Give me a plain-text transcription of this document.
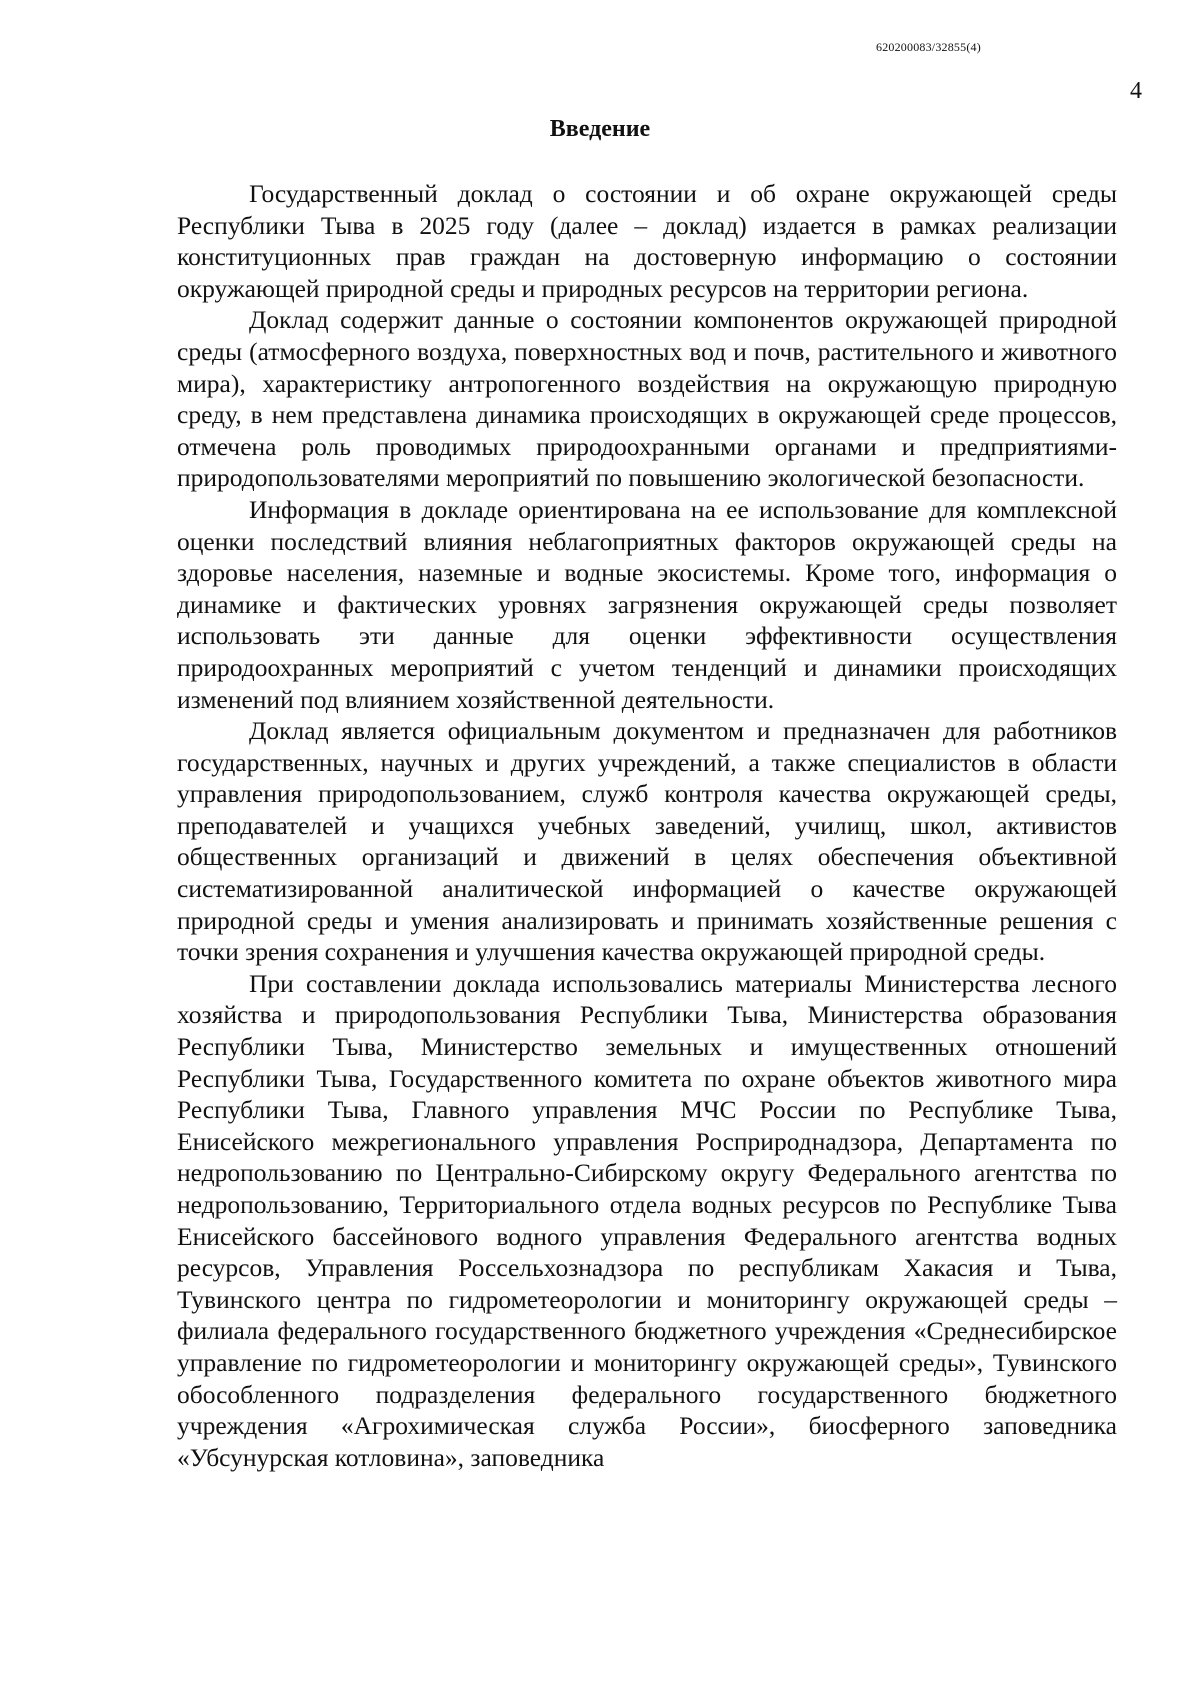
620200083/32855(4)
4
Введение

Государственный доклад о состоянии и об охране окружающей среды Республики Тыва в 2025 году (далее – доклад) издается в рамках реализации конституционных прав граждан на достоверную информацию о состоянии окружающей природной среды и природных ресурсов на территории региона.

Доклад содержит данные о состоянии компонентов окружающей природной среды (атмосферного воздуха, поверхностных вод и почв, растительного и животного мира), характеристику антропогенного воздействия на окружающую природную среду, в нем представлена динамика происходящих в окружающей среде процессов, отмечена роль проводимых природоохранными органами и предприятиями-природопользователями мероприятий по повышению экологической безопасности.

Информация в докладе ориентирована на ее использование для комплексной оценки последствий влияния неблагоприятных факторов окружающей среды на здоровье населения, наземные и водные экосистемы. Кроме того, информация о динамике и фактических уровнях загрязнения окружающей среды позволяет использовать эти данные для оценки эффективности осуществления природоохранных мероприятий с учетом тенденций и динамики происходящих изменений под влиянием хозяйственной деятельности.

Доклад является официальным документом и предназначен для работников государственных, научных и других учреждений, а также специалистов в области управления природопользованием, служб контроля качества окружающей среды, преподавателей и учащихся учебных заведений, училищ, школ, активистов общественных организаций и движений в целях обеспечения объективной систематизированной аналитической информацией о качестве окружающей природной среды и умения анализировать и принимать хозяйственные решения с точки зрения сохранения и улучшения качества окружающей природной среды.

При составлении доклада использовались материалы Министерства лесного хозяйства и природопользования Республики Тыва, Министерства образования Республики Тыва, Министерство земельных и имущественных отношений Республики Тыва, Государственного комитета по охране объектов животного мира Республики Тыва, Главного управления МЧС России по Республике Тыва, Енисейского межрегионального управления Росприроднадзора, Департамента по недропользованию по Центрально-Сибирскому округу Федерального агентства по недропользованию, Территориального отдела водных ресурсов по Республике Тыва Енисейского бассейнового водного управления Федерального агентства водных ресурсов, Управления Россельхознадзора по республикам Хакасия и Тыва, Тувинского центра по гидрометеорологии и мониторингу окружающей среды – филиала федерального государственного бюджетного учреждения «Среднесибирское управление по гидрометеорологии и мониторингу окружающей среды», Тувинского обособленного подразделения федерального государственного бюджетного учреждения «Агрохимическая служба России», биосферного заповедника «Убсунурская котловина», заповедника
